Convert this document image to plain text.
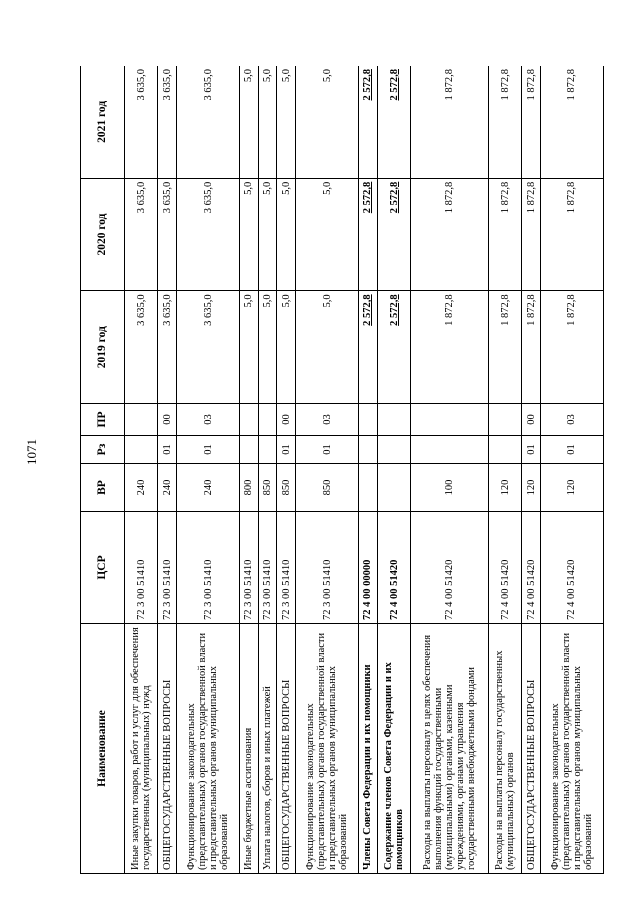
1071
Наименование	ЦСР	ВР	Рз	ПР	2019 год	2020 год	2021 год
Иные закупки товаров, работ и услуг для обеспечения государственных (муниципальных) нужд	72 3 00 51410	240			3 635,0	3 635,0	3 635,0
ОБЩЕГОСУДАРСТВЕННЫЕ ВОПРОСЫ	72 3 00 51410	240	01	00	3 635,0	3 635,0	3 635,0
Функционирование законодательных (представительных) органов государственной власти и представительных органов муниципальных образований	72 3 00 51410	240	01	03	3 635,0	3 635,0	3 635,0
Иные бюджетные ассигнования	72 3 00 51410	800			5,0	5,0	5,0
Уплата налогов, сборов и иных платежей	72 3 00 51410	850			5,0	5,0	5,0
ОБЩЕГОСУДАРСТВЕННЫЕ ВОПРОСЫ	72 3 00 51410	850	01	00	5,0	5,0	5,0
Функционирование законодательных (представительных) органов государственной власти и представительных органов муниципальных образований	72 3 00 51410	850	01	03	5,0	5,0	5,0
Члены Совета Федерации и их помощники	72 4 00 00000				2 572,8	2 572,8	2 572,8
Содержание членов Совета Федерации и их помощников	72 4 00 51420				2 572,8	2 572,8	2 572,8
Расходы на выплаты персоналу в целях обеспечения выполнения функций государственными (муниципальными) органами, казенными учреждениями, органами управления государственными внебюджетными фондами	72 4 00 51420	100			1 872,8	1 872,8	1 872,8
Расходы на выплаты персоналу государственных (муниципальных) органов	72 4 00 51420	120			1 872,8	1 872,8	1 872,8
ОБЩЕГОСУДАРСТВЕННЫЕ ВОПРОСЫ	72 4 00 51420	120	01	00	1 872,8	1 872,8	1 872,8
Функционирование законодательных (представительных) органов государственной власти и представительных органов муниципальных образований	72 4 00 51420	120	01	03	1 872,8	1 872,8	1 872,8
